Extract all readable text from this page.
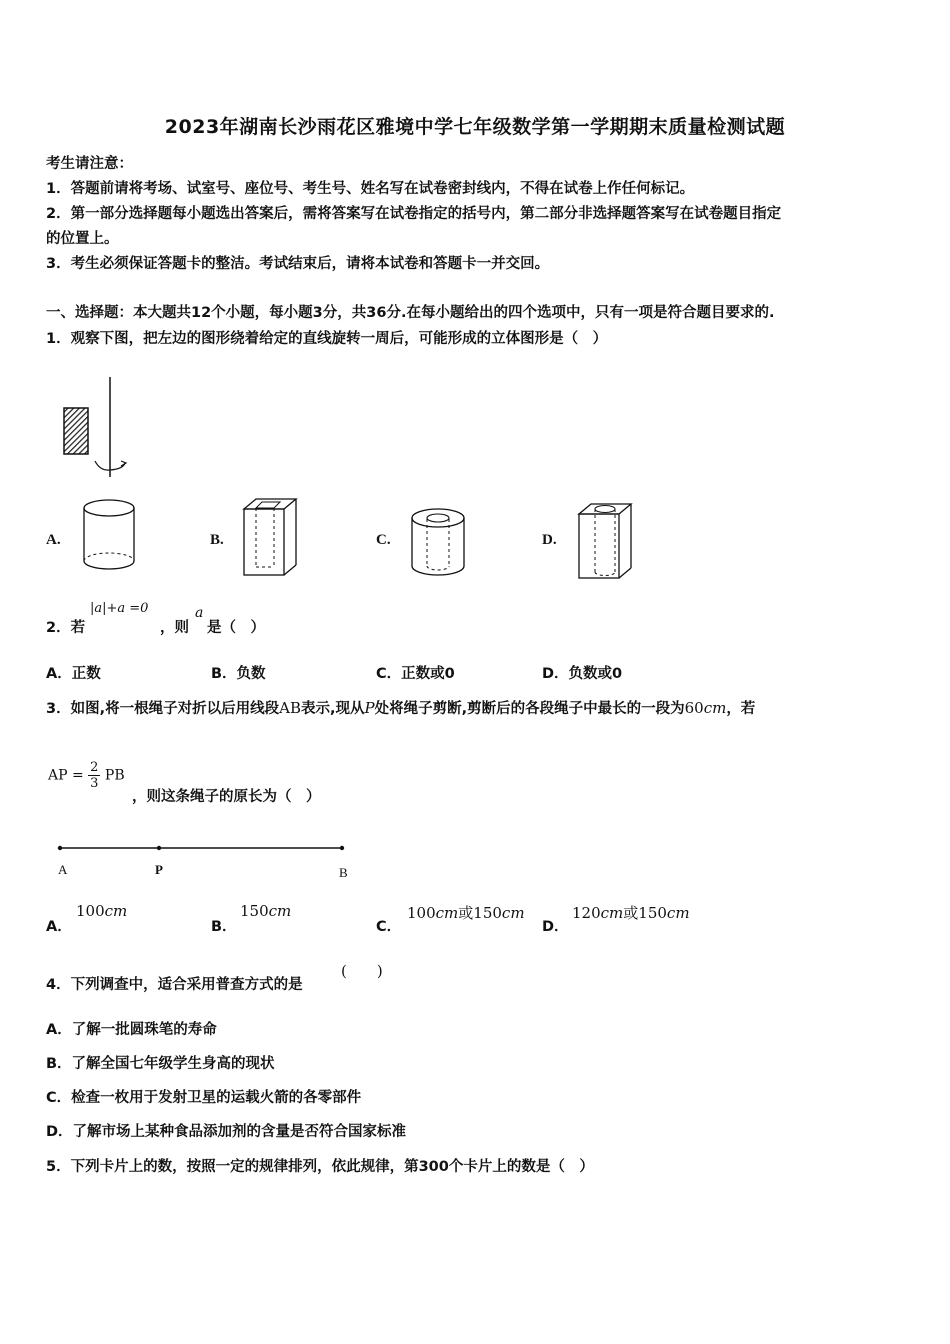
2023年湖南长沙雨花区雅境中学七年级数学第一学期期末质量检测试题
考生请注意：
1．答题前请将考场、试室号、座位号、考生号、姓名写在试卷密封线内，不得在试卷上作任何标记。
2．第一部分选择题每小题选出答案后，需将答案写在试卷指定的括号内，第二部分非选择题答案写在试卷题目指定
的位置上。
3．考生必须保证答题卡的整洁。考试结束后，请将本试卷和答题卡一并交回。
一、选择题：本大题共12个小题，每小题3分，共36分.在每小题给出的四个选项中，只有一项是符合题目要求的.
1．观察下图，把左边的图形绕着给定的直线旋转一周后，可能形成的立体图形是（　）
A.	B.	C.	D.
2．若
|a|+a =0
，则
a
是（　）
A．正数	B．负数	C．正数或0	D．负数或0
3．如图,将一根绳子对折以后用线段AB表示,现从P处将绳子剪断,剪断后的各段绳子中最长的一段为60cm，若
AP = $\frac{2}{3}$ PB
，则这条绳子的原长为（　）
A	P	B
A．
100cm
B．
150cm
C．
100cm或150cm
D．
120cm或150cm
4．下列调查中，适合采用普查方式的是
(　　)
A．了解一批圆珠笔的寿命
B．了解全国七年级学生身高的现状
C．检查一枚用于发射卫星的运载火箭的各零部件
D．了解市场上某种食品添加剂的含量是否符合国家标准
5．下列卡片上的数，按照一定的规律排列，依此规律，第300个卡片上的数是（　）
